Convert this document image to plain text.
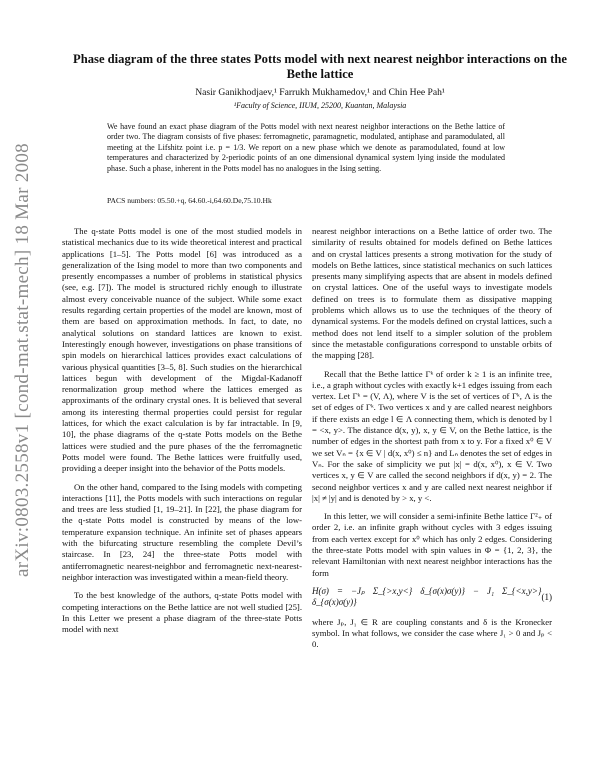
arXiv:0803.2558v1 [cond-mat.stat-mech] 18 Mar 2008
Phase diagram of the three states Potts model with next nearest neighbor interactions on the Bethe lattice
Nasir Ganikhodjaev,¹ Farrukh Mukhamedov,¹ and Chin Hee Pah¹
¹Faculty of Science, IIUM, 25200, Kuantan, Malaysia
We have found an exact phase diagram of the Potts model with next nearest neighbor interactions on the Bethe lattice of order two. The diagram consists of five phases: ferromagnetic, paramagnetic, modulated, antiphase and paramodulated, all meeting at the Lifshitz point i.e. p = 1/3. We report on a new phase which we denote as paramodulated, found at low temperatures and characterized by 2-periodic points of an one dimensional dynamical system lying inside the modulated phase. Such a phase, inherent in the Potts model has no analogues in the Ising setting.
PACS numbers: 05.50.+q, 64.60.-i,64.60.De,75.10.Hk

The q-state Potts model is one of the most studied models in statistical mechanics due to its wide theoretical interest and practical applications [1–5]. The Potts model [6] was introduced as a generalization of the Ising model to more than two components and presently encompasses a number of problems in statistical physics (see, e.g. [7]). The model is structured richly enough to illustrate almost every conceivable nuance of the subject. While some exact results regarding certain properties of the model are known, most of them are based on approximation methods. In fact, to date, no analytical solutions on standard lattices are known to exist. Interestingly enough however, investigations on phase transitions of spin models on hierarchical lattices provides exact calculations of various physical quantities [3–5, 8]. Such studies on the hierarchical lattices begun with development of the Migdal-Kadanoff renormalization group method where the lattices emerged as approximants of the ordinary crystal ones. It is believed that several among its interesting thermal properties could persist for regular lattices, for which the exact calculation is by far intractable. In [9, 10], the phase diagrams of the q-state Potts models on the Bethe lattices were studied and the pure phases of the the ferromagnetic Potts model were found. The Bethe lattices were fruitfully used, providing a deeper insight into the behavior of the Potts models.

On the other hand, compared to the Ising models with competing interactions [11], the Potts models with such interactions on regular and trees are less studied [1, 19–21]. In [22], the phase diagram for the q-state Potts model is constructed by means of the low-temperature expansion technique. An infinite set of phases appears with the bifurcating structure resembling the complete Devil’s staircase. In [23, 24] the three-state Potts model with antiferromagnetic nearest-neighbor and ferromagnetic next-nearest-neighbor interaction was investigated within a mean-field theory.

To the best knowledge of the authors, q-state Potts model with competing interactions on the Bethe lattice are not well studied [25]. In this Letter we present a phase diagram of the three-state Potts model with next

nearest neighbor interactions on a Bethe lattice of order two. The similarity of results obtained for models defined on Bethe lattices and on crystal lattices presents a strong motivation for the study of models on Bethe lattices, since statistical mechanics on such lattices presents many simplifying aspects that are absent in models defined on crystal lattices. One of the useful ways to investigate models defined on trees is to formulate them as dissipative mapping problems which allows us to use the techniques of the theory of dynamical systems. For the models defined on crystal lattices, such a method does not lend itself to a simpler solution of the problem since the metastable configurations correspond to unstable orbits of the mapping [28].

Recall that the Bethe lattice Γᵏ of order k ≥ 1 is an infinite tree, i.e., a graph without cycles with exactly k+1 edges issuing from each vertex. Let Γᵏ = (V, Λ), where V is the set of vertices of Γᵏ, Λ is the set of edges of Γᵏ. Two vertices x and y are called nearest neighbors if there exists an edge l ∈ Λ connecting them, which is denoted by l = <x, y>. The distance d(x, y), x, y ∈ V, on the Bethe lattice, is the number of edges in the shortest path from x to y. For a fixed x⁰ ∈ V we set Vₙ = {x ∈ V | d(x, x⁰) ≤ n} and Lₙ denotes the set of edges in Vₙ. For the sake of simplicity we put |x| = d(x, x⁰), x ∈ V. Two vertices x, y ∈ V are called the second neighbors if d(x, y) = 2. The second neighbor vertices x and y are called next nearest neighbor if |x| ≠ |y| and is denoted by > x, y <.

In this letter, we will consider a semi-infinite Bethe lattice Γ²₊ of order 2, i.e. an infinite graph without cycles with 3 edges issuing from each vertex except for x⁰ which has only 2 edges. Considering the three-state Potts model with spin values in Φ = {1, 2, 3}, the relevant Hamiltonian with next nearest neighbor interactions has the form

H(σ) = −Jₚ Σ_{>x,y<} δ_{σ(x)σ(y)} − J₁ Σ_{<x,y>} δ_{σ(x)σ(y)}
(1)

where Jₚ, J₁ ∈ R are coupling constants and δ is the Kronecker symbol. In what follows, we consider the case where J₁ > 0 and Jₚ < 0.
